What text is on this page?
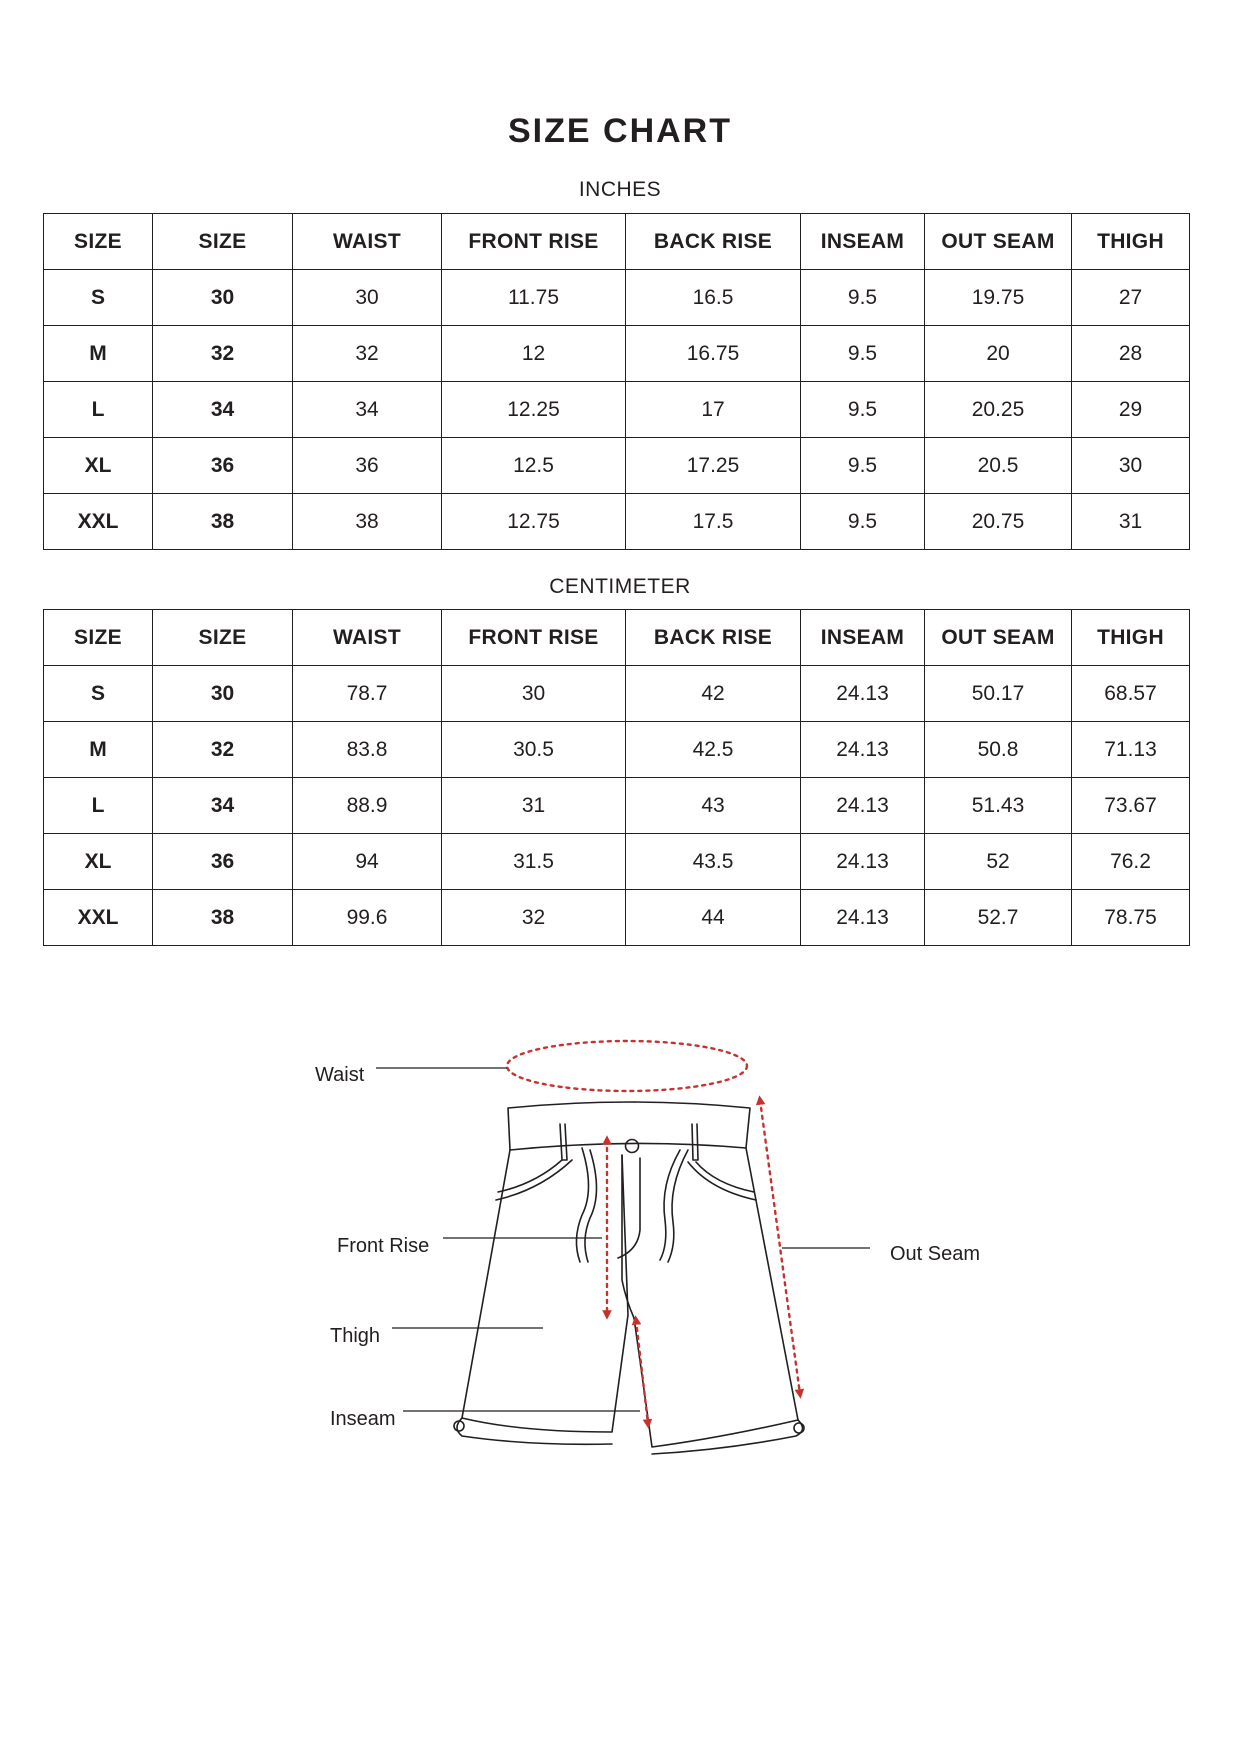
SIZE CHART
INCHES
SIZE	SIZE	WAIST	FRONT RISE	BACK RISE	INSEAM	OUT SEAM	THIGH
S	30	30	11.75	16.5	9.5	19.75	27
M	32	32	12	16.75	9.5	20	28
L	34	34	12.25	17	9.5	20.25	29
XL	36	36	12.5	17.25	9.5	20.5	30
XXL	38	38	12.75	17.5	9.5	20.75	31
CENTIMETER
SIZE	SIZE	WAIST	FRONT RISE	BACK RISE	INSEAM	OUT SEAM	THIGH
S	30	78.7	30	42	24.13	50.17	68.57
M	32	83.8	30.5	42.5	24.13	50.8	71.13
L	34	88.9	31	43	24.13	51.43	73.67
XL	36	94	31.5	43.5	24.13	52	76.2
XXL	38	99.6	32	44	24.13	52.7	78.75
Waist
Front Rise
Thigh
Inseam
Out Seam
